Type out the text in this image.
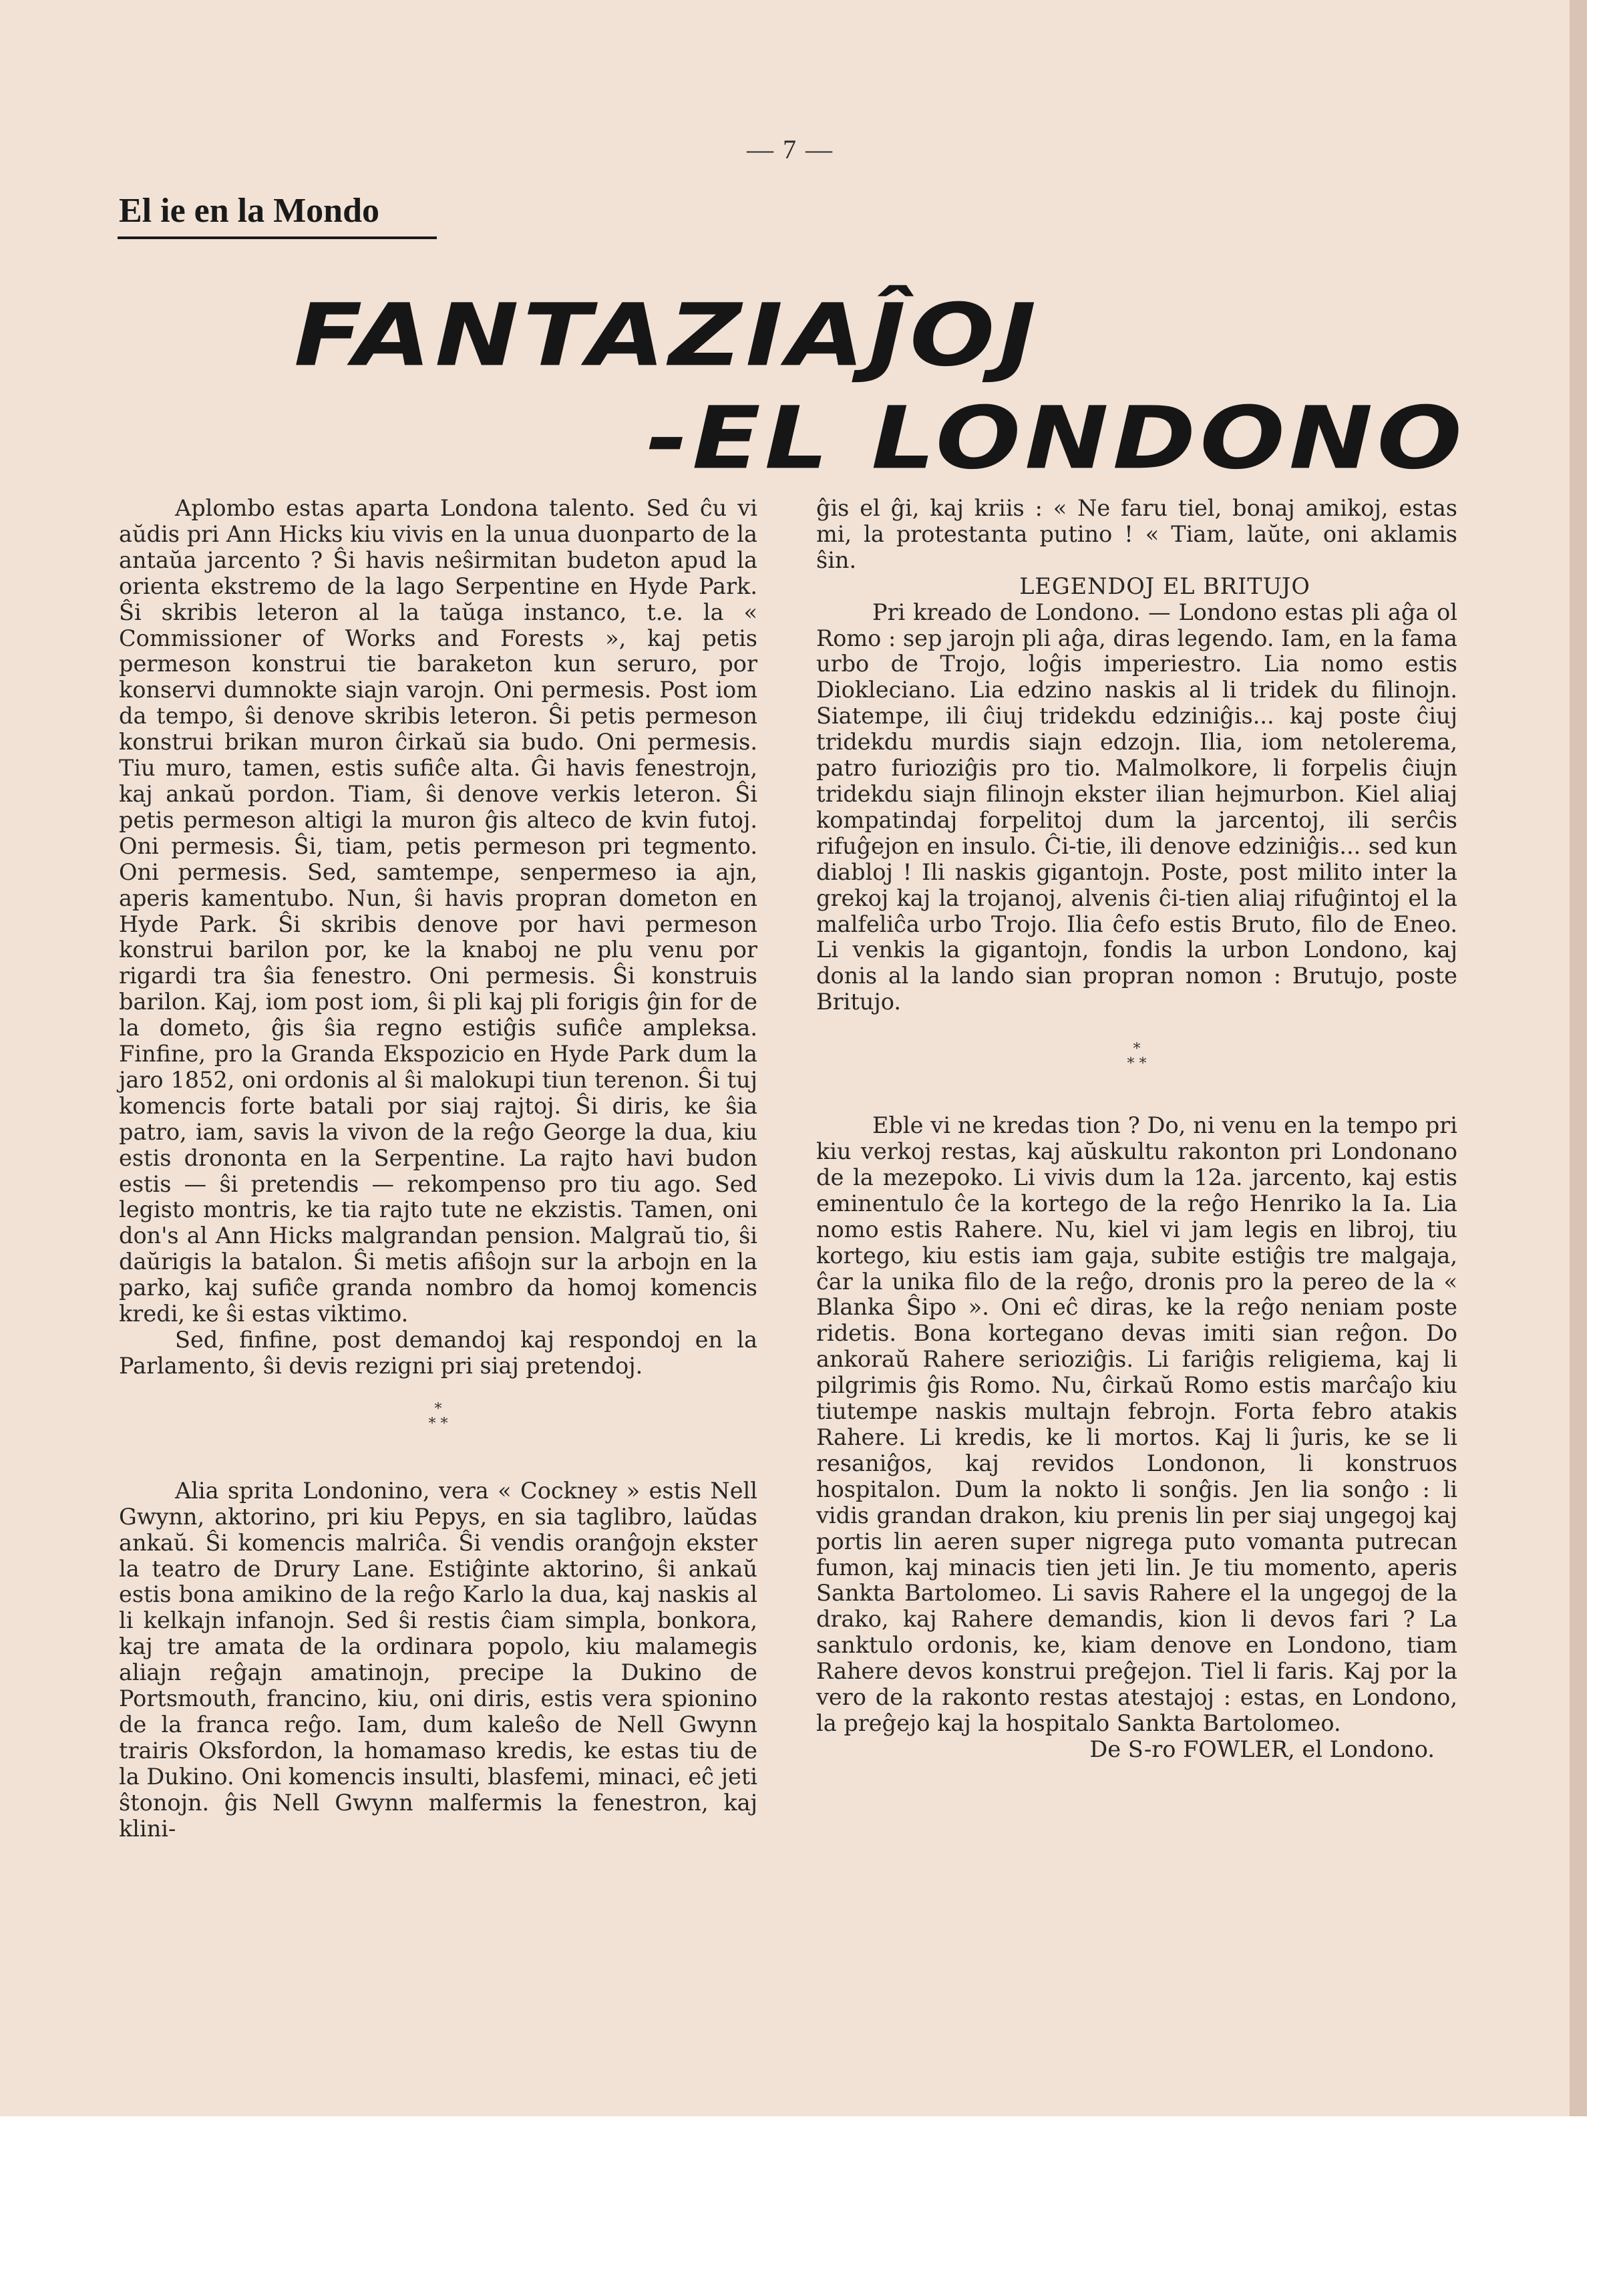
— 7 —
El ie en la Mondo
FANTAZIAĴOJ
-EL LONDONO

Aplombo estas aparta Londona talento. Sed ĉu vi aŭdis pri Ann Hicks kiu vivis en la unua duonparto de la antaŭa jarcento ? Ŝi havis neŝirmitan budeton apud la orienta ekstremo de la lago Serpentine en Hyde Park. Ŝi skribis leteron al la taŭga instanco, t.e. la « Commissioner of Works and Forests », kaj petis permeson konstrui tie baraketon kun seruro, por konservi dumnokte siajn varojn. Oni permesis. Post iom da tempo, ŝi denove skribis leteron. Ŝi petis permeson konstrui brikan muron ĉirkaŭ sia budo. Oni permesis. Tiu muro, tamen, estis sufiĉe alta. Ĝi havis fenestrojn, kaj ankaŭ pordon. Tiam, ŝi denove verkis leteron. Ŝi petis permeson altigi la muron ĝis alteco de kvin futoj. Oni permesis. Ŝi, tiam, petis permeson pri tegmento. Oni permesis. Sed, samtempe, senpermeso ia ajn, aperis kamentubo. Nun, ŝi havis propran dometon en Hyde Park. Ŝi skribis denove por havi permeson konstrui barilon por, ke la knaboj ne plu venu por rigardi tra ŝia fenestro. Oni permesis. Ŝi konstruis barilon. Kaj, iom post iom, ŝi pli kaj pli forigis ĝin for de la dometo, ĝis ŝia regno estiĝis sufiĉe ampleksa. Finfine, pro la Granda Ekspozicio en Hyde Park dum la jaro 1852, oni ordonis al ŝi malokupi tiun terenon. Ŝi tuj komencis forte batali por siaj rajtoj. Ŝi diris, ke ŝia patro, iam, savis la vivon de la reĝo George la dua, kiu estis drononta en la Serpentine. La rajto havi budon estis — ŝi pretendis — rekompenso pro tiu ago. Sed legisto montris, ke tia rajto tute ne ekzistis. Tamen, oni don's al Ann Hicks malgrandan pension. Malgraŭ tio, ŝi daŭrigis la batalon. Ŝi metis afiŝojn sur la arbojn en la parko, kaj sufiĉe granda nombro da homoj komencis kredi, ke ŝi estas viktimo.

Sed, finfine, post demandoj kaj respondoj en la Parlamento, ŝi devis rezigni pri siaj pretendoj.

*
* *

Alia sprita Londonino, vera « Cockney » estis Nell Gwynn, aktorino, pri kiu Pepys, en sia taglibro, laŭdas ankaŭ. Ŝi komencis malriĉa. Ŝi vendis oranĝojn ekster la teatro de Drury Lane. Estiĝinte aktorino, ŝi ankaŭ estis bona amikino de la reĝo Karlo la dua, kaj naskis al li kelkajn infanojn. Sed ŝi restis ĉiam simpla, bonkora, kaj tre amata de la ordinara popolo, kiu malamegis aliajn reĝajn amatinojn, precipe la Dukino de Portsmouth, francino, kiu, oni diris, estis vera spionino de la franca reĝo. Iam, dum kaleŝo de Nell Gwynn trairis Oksfordon, la homamaso kredis, ke estas tiu de la Dukino. Oni komencis insulti, blasfemi, minaci, eĉ jeti ŝtonojn. ĝis Nell Gwynn malfermis la fenestron, kaj klini-

ĝis el ĝi, kaj kriis : « Ne faru tiel, bonaj amikoj, estas mi, la protestanta putino ! « Tiam, laŭte, oni aklamis ŝin.

LEGENDOJ EL BRITUJO

Pri kreado de Londono. — Londono estas pli aĝa ol Romo : sep jarojn pli aĝa, diras legendo. Iam, en la fama urbo de Trojo, loĝis imperiestro. Lia nomo estis Diokleciano. Lia edzino naskis al li tridek du filinojn. Siatempe, ili ĉiuj tridekdu edziniĝis... kaj poste ĉiuj tridekdu murdis siajn edzojn. Ilia, iom netolerema, patro furioziĝis pro tio. Malmolkore, li forpelis ĉiujn tridekdu siajn filinojn ekster ilian hejmurbon. Kiel aliaj kompatindaj forpelitoj dum la jarcentoj, ili serĉis rifuĝejon en insulo. Ĉi-tie, ili denove edziniĝis... sed kun diabloj ! Ili naskis gigantojn. Poste, post milito inter la grekoj kaj la trojanoj, alvenis ĉi-tien aliaj rifuĝintoj el la malfeliĉa urbo Trojo. Ilia ĉefo estis Bruto, filo de Eneo. Li venkis la gigantojn, fondis la urbon Londono, kaj donis al la lando sian propran nomon : Brutujo, poste Britujo.

*
* *

Eble vi ne kredas tion ? Do, ni venu en la tempo pri kiu verkoj restas, kaj aŭskultu rakonton pri Londonano de la mezepoko. Li vivis dum la 12a. jarcento, kaj estis eminentulo ĉe la kortego de la reĝo Henriko la Ia. Lia nomo estis Rahere. Nu, kiel vi jam legis en libroj, tiu kortego, kiu estis iam gaja, subite estiĝis tre malgaja, ĉar la unika filo de la reĝo, dronis pro la pereo de la « Blanka Ŝipo ». Oni eĉ diras, ke la reĝo neniam poste ridetis. Bona kortegano devas imiti sian reĝon. Do ankoraŭ Rahere serioziĝis. Li fariĝis religiema, kaj li pilgrimis ĝis Romo. Nu, ĉirkaŭ Romo estis marĉaĵo kiu tiutempe naskis multajn febrojn. Forta febro atakis Rahere. Li kredis, ke li mortos. Kaj li ĵuris, ke se li resaniĝos, kaj revidos Londonon, li konstruos hospitalon. Dum la nokto li sonĝis. Jen lia sonĝo : li vidis grandan drakon, kiu prenis lin per siaj ungegoj kaj portis lin aeren super nigrega puto vomanta putrecan fumon, kaj minacis tien jeti lin. Je tiu momento, aperis Sankta Bartolomeo. Li savis Rahere el la ungegoj de la drako, kaj Rahere demandis, kion li devos fari ? La sanktulo ordonis, ke, kiam denove en Londono, tiam Rahere devos konstrui preĝejon. Tiel li faris. Kaj por la vero de la rakonto restas atestajoj : estas, en Londono, la preĝejo kaj la hospitalo Sankta Bartolomeo.

De S-ro FOWLER, el Londono.
